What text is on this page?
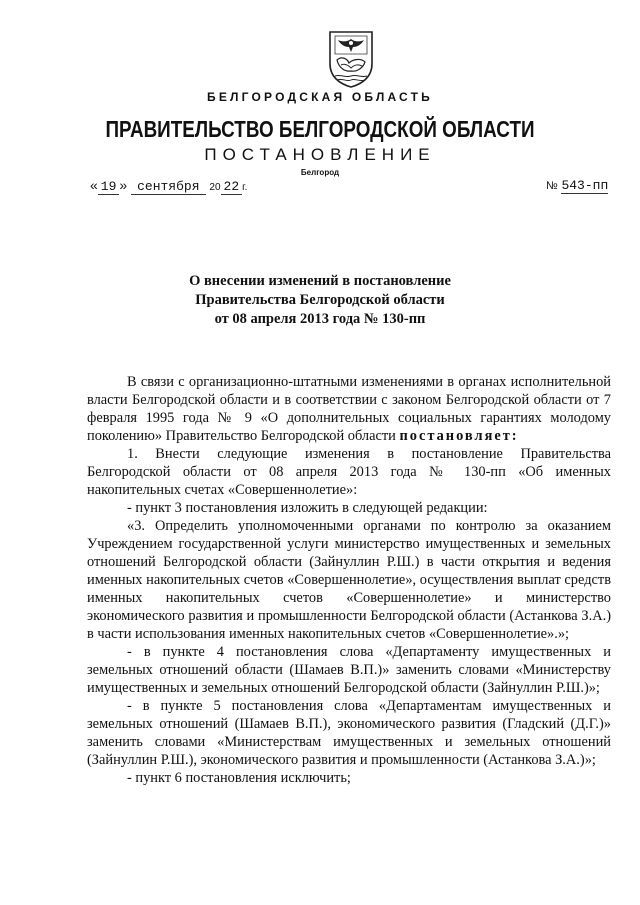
БЕЛГОРОДСКАЯ ОБЛАСТЬ
ПРАВИТЕЛЬСТВО БЕЛГОРОДСКОЙ ОБЛАСТИ
ПОСТАНОВЛЕНИЕ
Белгород
« 19 » сентября 20 22 г.	№ 543-пп
О внесении изменений в постановление
Правительства Белгородской области
от 08 апреля 2013 года № 130-пп

В связи с организационно-штатными изменениями в органах исполнительной власти Белгородской области и в соответствии с законом Белгородской области от 7 февраля 1995 года № 9 «О дополнительных социальных гарантиях молодому поколению» Правительство Белгородской области постановляет:

1. Внести следующие изменения в постановление Правительства Белгородской области от 08 апреля 2013 года № 130-пп «Об именных накопительных счетах «Совершеннолетие»:

- пункт 3 постановления изложить в следующей редакции:

«3. Определить уполномоченными органами по контролю за оказанием Учреждением государственной услуги министерство имущественных и земельных отношений Белгородской области (Зайнуллин Р.Ш.) в части открытия и ведения именных накопительных счетов «Совершеннолетие», осуществления выплат средств именных накопительных счетов «Совершеннолетие» и министерство экономического развития и промышленности Белгородской области (Астанкова З.А.) в части использования именных накопительных счетов «Совершеннолетие».»;

- в пункте 4 постановления слова «Департаменту имущественных и земельных отношений области (Шамаев В.П.)» заменить словами «Министерству имущественных и земельных отношений Белгородской области (Зайнуллин Р.Ш.)»;

- в пункте 5 постановления слова «Департаментам имущественных и земельных отношений (Шамаев В.П.), экономического развития (Гладский (Д.Г.)» заменить словами «Министерствам имущественных и земельных отношений (Зайнуллин Р.Ш.), экономического развития и промышленности (Астанкова З.А.)»;

- пункт 6 постановления исключить;
